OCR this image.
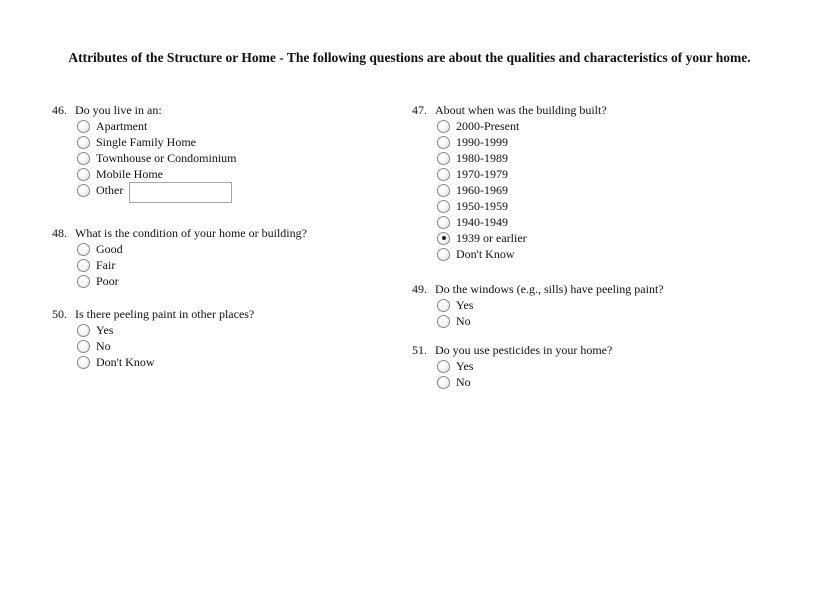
Attributes of the Structure or Home - The following questions are about the qualities and characteristics of your home.
46. Do you live in an:
Apartment
Single Family Home
Townhouse or Condominium
Mobile Home
Other
48. What is the condition of your home or building?
Good
Fair
Poor
50. Is there peeling paint in other places?
Yes
No
Don't Know
47. About when was the building built?
2000-Present
1990-1999
1980-1989
1970-1979
1960-1969
1950-1959
1940-1949
1939 or earlier
Don't Know
49. Do the windows (e.g., sills) have peeling paint?
Yes
No
51. Do you use pesticides in your home?
Yes
No
